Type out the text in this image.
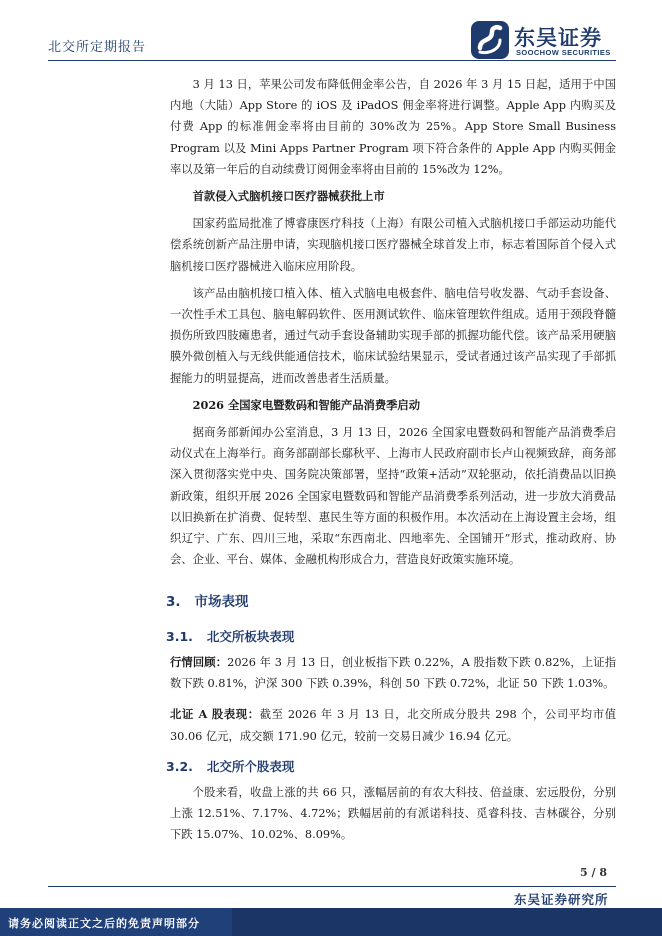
北交所定期报告	东吴证券
SOOCHOW SECURITIES

3 月 13 日，苹果公司发布降低佣金率公告，自 2026 年 3 月 15 日起，适用于中国内地（大陆）App Store 的 iOS 及 iPadOS 佣金率将进行调整。Apple App 内购买及付费 App 的标准佣金率将由目前的 30%改为 25%。App Store Small Business Program 以及 Mini Apps Partner Program 项下符合条件的 Apple App 内购买佣金率以及第一年后的自动续费订阅佣金率将由目前的 15%改为 12%。

首款侵入式脑机接口医疗器械获批上市

国家药监局批准了博睿康医疗科技（上海）有限公司植入式脑机接口手部运动功能代偿系统创新产品注册申请，实现脑机接口医疗器械全球首发上市，标志着国际首个侵入式脑机接口医疗器械进入临床应用阶段。

该产品由脑机接口植入体、植入式脑电电极套件、脑电信号收发器、气动手套设备、一次性手术工具包、脑电解码软件、医用测试软件、临床管理软件组成。适用于颈段脊髓损伤所致四肢瘫患者，通过气动手套设备辅助实现手部的抓握功能代偿。该产品采用硬脑膜外微创植入与无线供能通信技术，临床试验结果显示，受试者通过该产品实现了手部抓握能力的明显提高，进而改善患者生活质量。

2026 全国家电暨数码和智能产品消费季启动

据商务部新闻办公室消息，3 月 13 日，2026 全国家电暨数码和智能产品消费季启动仪式在上海举行。商务部副部长鄢秋平、上海市人民政府副市长卢山视频致辞，商务部深入贯彻落实党中央、国务院决策部署，坚持“政策+活动”双轮驱动，依托消费品以旧换新政策，组织开展 2026 全国家电暨数码和智能产品消费季系列活动，进一步放大消费品以旧换新在扩消费、促转型、惠民生等方面的积极作用。本次活动在上海设置主会场，组织辽宁、广东、四川三地，采取“东西南北、四地率先、全国铺开”形式，推动政府、协会、企业、平台、媒体、金融机构形成合力，营造良好政策实施环境。

3. 市场表现
3.1. 北交所板块表现

行情回顾：2026 年 3 月 13 日，创业板指下跌 0.22%，A 股指数下跌 0.82%，上证指数下跌 0.81%，沪深 300 下跌 0.39%，科创 50 下跌 0.72%，北证 50 下跌 1.03%。

北证 A 股表现：截至 2026 年 3 月 13 日，北交所成分股共 298 个，公司平均市值 30.06 亿元，成交额 171.90 亿元，较前一交易日减少 16.94 亿元。

3.2. 北交所个股表现

个股来看，收盘上涨的共 66 只，涨幅居前的有农大科技、倍益康、宏远股份，分别上涨 12.51%、7.17%、4.72%；跌幅居前的有派诺科技、觅睿科技、吉林碳谷，分别下跌 15.07%、10.02%、8.09%。

5 / 8
东吴证券研究所
请务必阅读正文之后的免责声明部分
